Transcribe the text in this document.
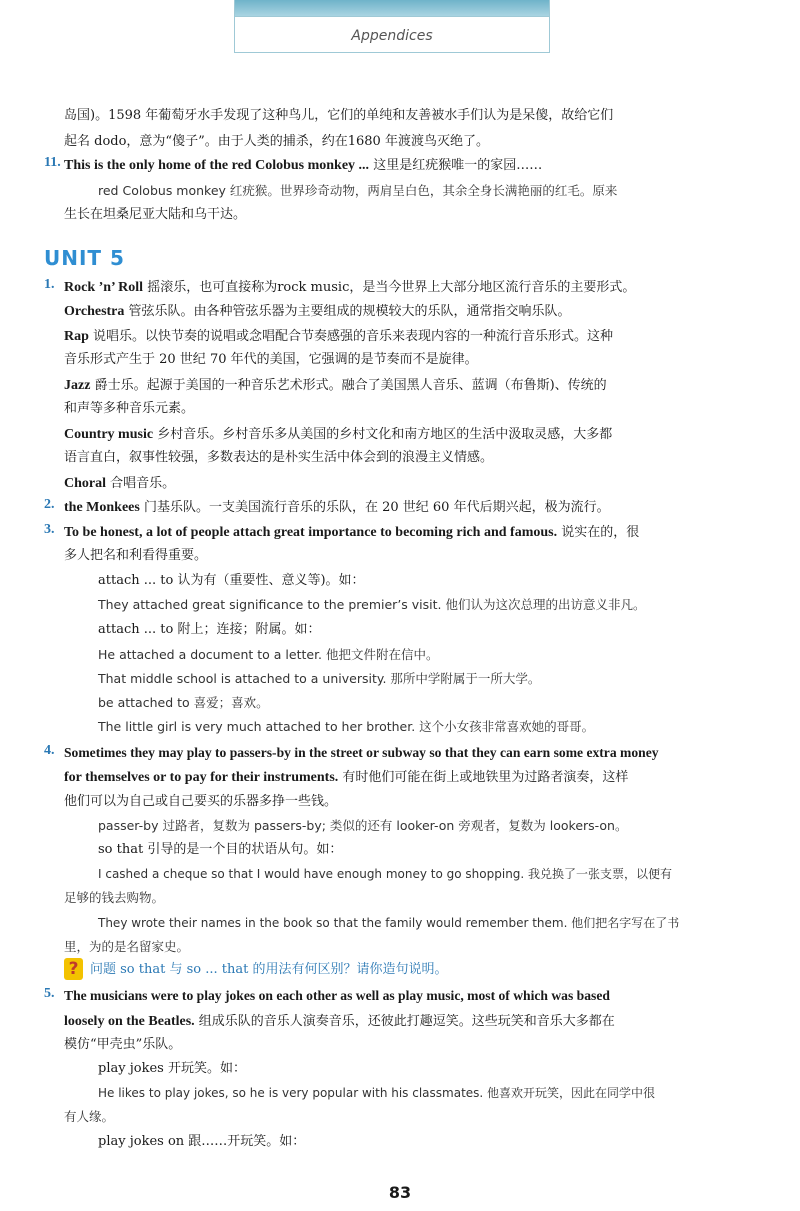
Appendices
岛国)。1598 年葡萄牙水手发现了这种鸟儿，它们的单纯和友善被水手们认为是呆傻，故给它们
起名 dodo，意为“傻子”。由于人类的捕杀，约在1680 年渡渡鸟灭绝了。
11. This is the only home of the red Colobus monkey ... 这里是红疣猴唯一的家园……
red Colobus monkey 红疣猴。世界珍奇动物，两肩呈白色，其余全身长满艳丽的红毛。原来
生长在坦桑尼亚大陆和乌干达。
UNIT 5
1. Rock ’n’ Roll 摇滚乐，也可直接称为rock music，是当今世界上大部分地区流行音乐的主要形式。
Orchestra 管弦乐队。由各种管弦乐器为主要组成的规模较大的乐队，通常指交响乐队。
Rap 说唱乐。以快节奏的说唱或念唱配合节奏感强的音乐来表现内容的一种流行音乐形式。这种
音乐形式产生于 20 世纪 70 年代的美国，它强调的是节奏而不是旋律。
Jazz 爵士乐。起源于美国的一种音乐艺术形式。融合了美国黑人音乐、蓝调（布鲁斯)、传统的
和声等多种音乐元素。
Country music 乡村音乐。乡村音乐多从美国的乡村文化和南方地区的生活中汲取灵感，大多都
语言直白，叙事性较强，多数表达的是朴实生活中体会到的浪漫主义情感。
Choral 合唱音乐。
2. the Monkees 门基乐队。一支美国流行音乐的乐队，在 20 世纪 60 年代后期兴起，极为流行。
3. To be honest, a lot of people attach great importance to becoming rich and famous. 说实在的，很
多人把名和利看得重要。
attach ... to 认为有（重要性、意义等)。如：
They attached great significance to the premier’s visit. 他们认为这次总理的出访意义非凡。
attach ... to 附上；连接；附属。如：
He attached a document to a letter. 他把文件附在信中。
That middle school is attached to a university. 那所中学附属于一所大学。
be attached to 喜爱；喜欢。
The little girl is very much attached to her brother. 这个小女孩非常喜欢她的哥哥。
4. Sometimes they may play to passers-by in the street or subway so that they can earn some extra money
for themselves or to pay for their instruments. 有时他们可能在街上或地铁里为过路者演奏，这样
他们可以为自己或自己要买的乐器多挣一些钱。
passer-by 过路者，复数为 passers-by; 类似的还有 looker-on 旁观者，复数为 lookers-on。
so that 引导的是一个目的状语从句。如：
I cashed a cheque so that I would have enough money to go shopping. 我兑换了一张支票，以便有
足够的钱去购物。
They wrote their names in the book so that the family would remember them. 他们把名字写在了书
里，为的是名留家史。
? 问题 so that 与 so ... that 的用法有何区别？请你造句说明。
5. The musicians were to play jokes on each other as well as play music, most of which was based
loosely on the Beatles. 组成乐队的音乐人演奏音乐，还彼此打趣逗笑。这些玩笑和音乐大多都在
模仿“甲壳虫”乐队。
play jokes 开玩笑。如：
He likes to play jokes, so he is very popular with his classmates. 他喜欢开玩笑，因此在同学中很
有人缘。
play jokes on 跟……开玩笑。如：
83
